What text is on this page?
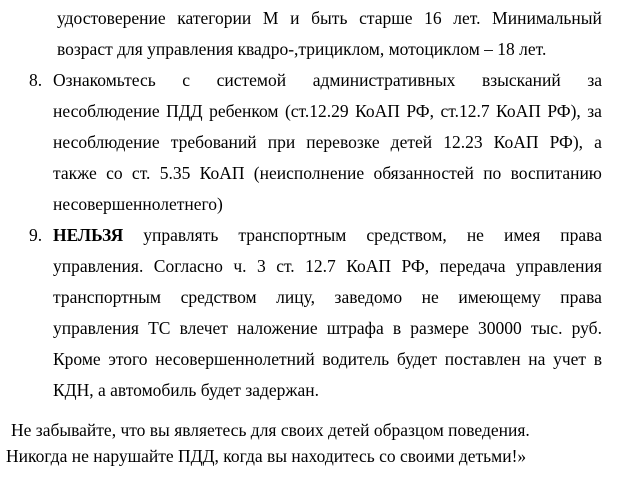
удостоверение категории М и быть старше 16 лет. Минимальный
возраст для управления квадро-,трициклом, мотоциклом – 18 лет.
8. Ознакомьтесь с системой административных взысканий за
несоблюдение ПДД ребенком (ст.12.29 КоАП РФ, ст.12.7 КоАП РФ), за
несоблюдение требований при перевозке детей 12.23 КоАП РФ), а
также со ст. 5.35 КоАП (неисполнение обязанностей по воспитанию
несовершеннолетнего)
9. НЕЛЬЗЯ управлять транспортным средством, не имея права
управления. Согласно ч. 3 ст. 12.7 КоАП РФ, передача управления
транспортным средством лицу, заведомо не имеющему права
управления ТС влечет наложение штрафа в размере 30000 тыс. руб.
Кроме этого несовершеннолетний водитель будет поставлен на учет в
КДН, а автомобиль будет задержан.
Не забывайте, что вы являетесь для своих детей образцом поведения.
Никогда не нарушайте ПДД, когда вы находитесь со своими детьми!»
